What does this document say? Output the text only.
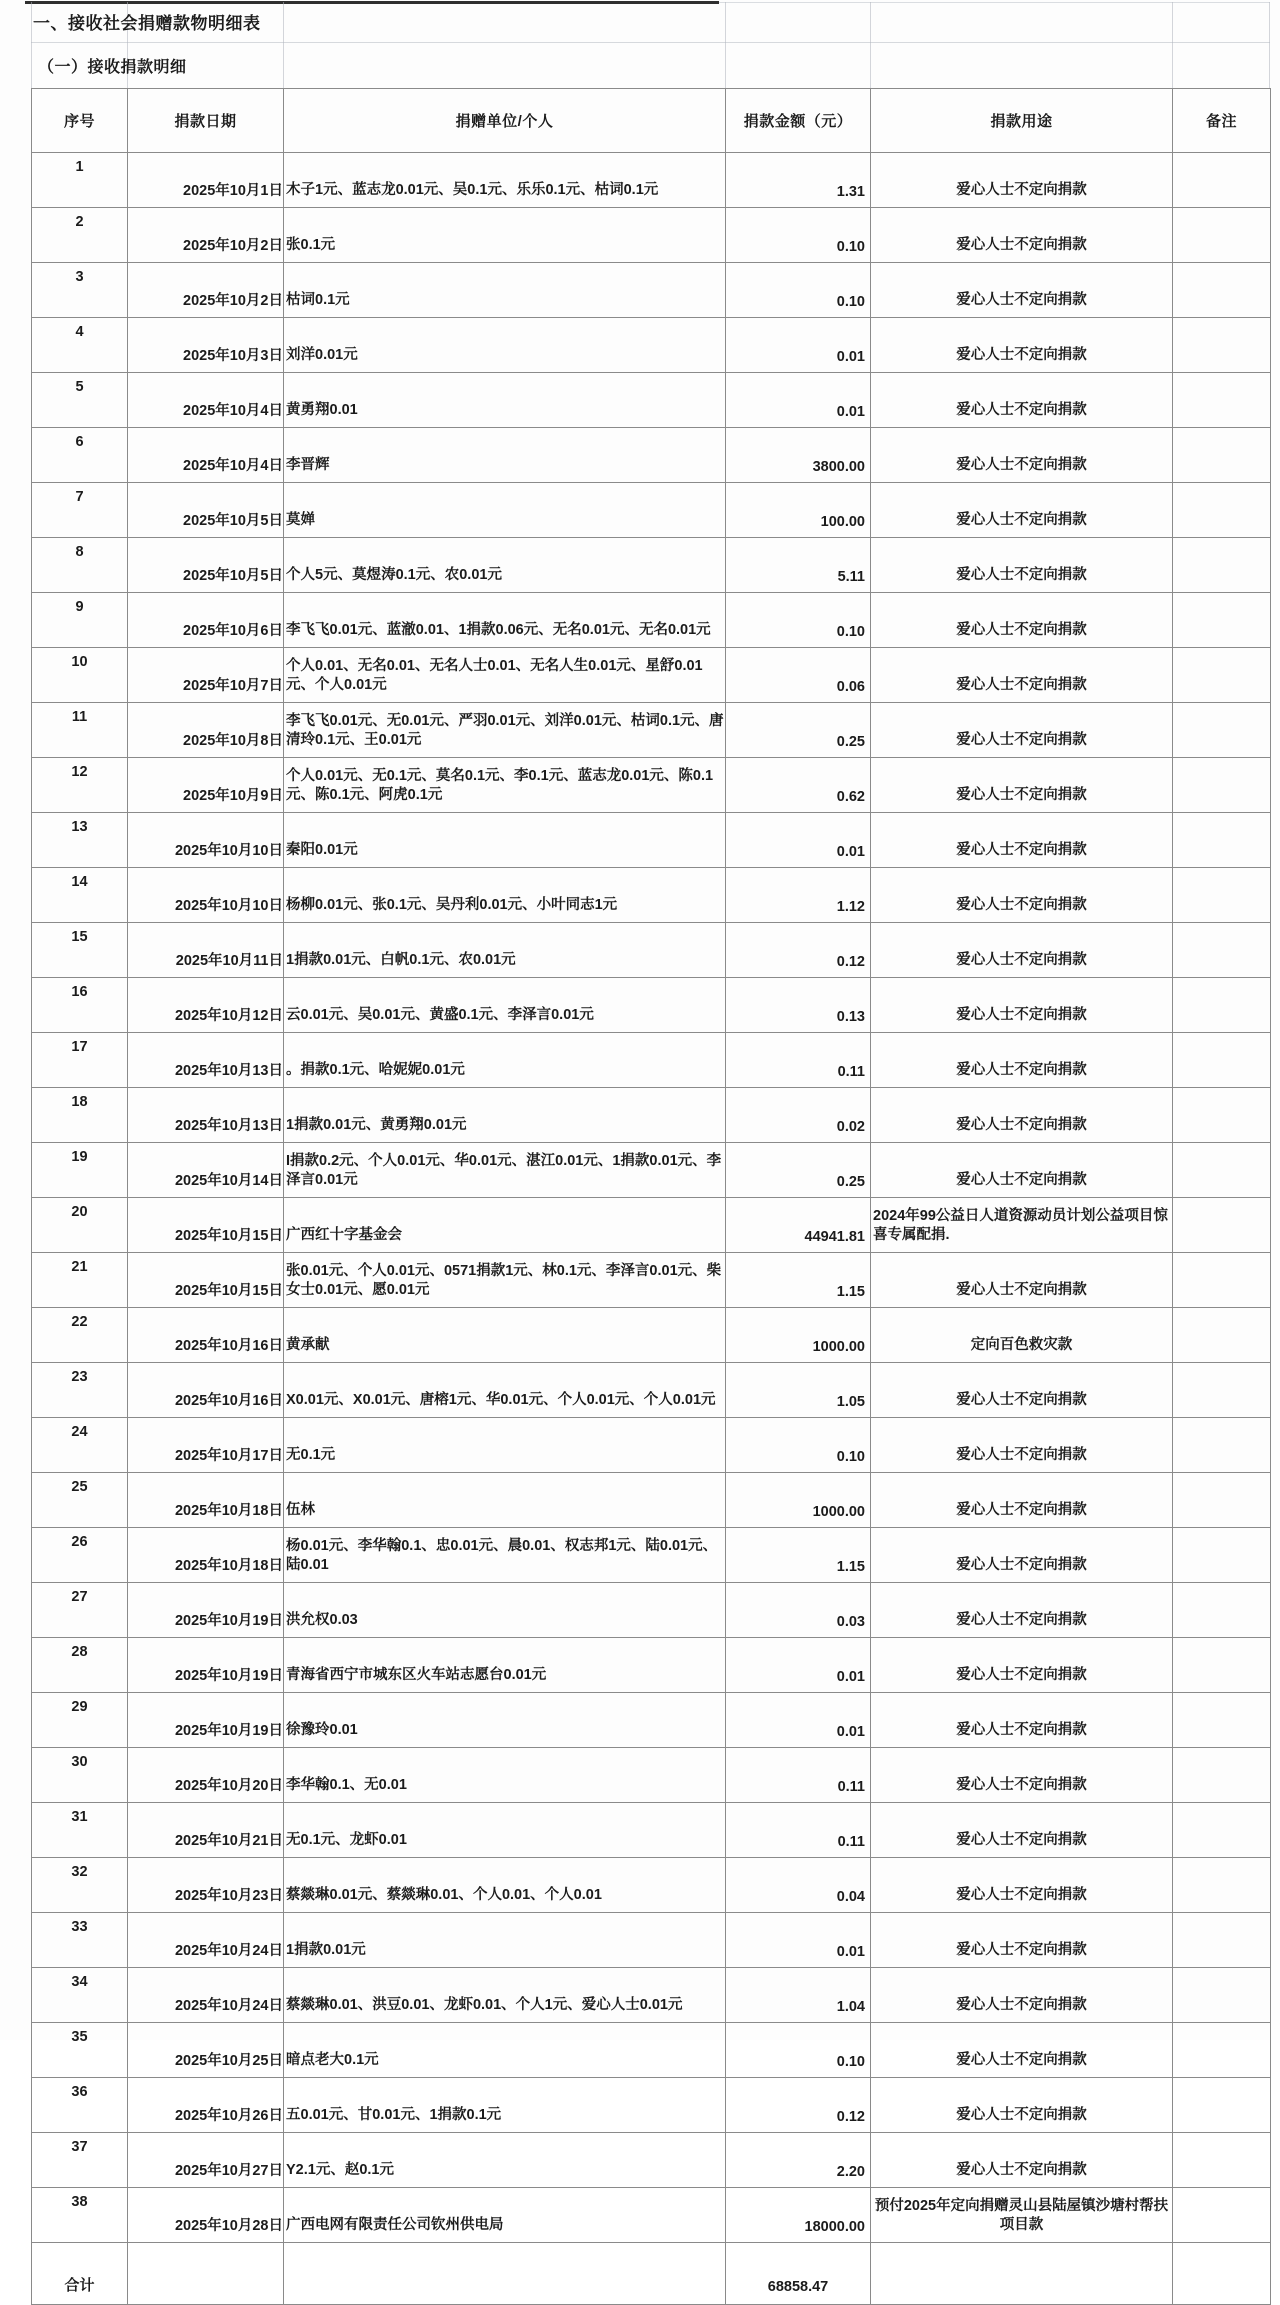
一、接收社会捐赠款物明细表
（一）接收捐款明细
序号	捐款日期	捐赠单位/个人	捐款金额（元）	捐款用途	备注
1	2025年10月1日	木子1元、蓝志龙0.01元、吴0.1元、乐乐0.1元、枯词0.1元	1.31	爱心人士不定向捐款	
2	2025年10月2日	张0.1元	0.10	爱心人士不定向捐款	
3	2025年10月2日	枯词0.1元	0.10	爱心人士不定向捐款	
4	2025年10月3日	刘洋0.01元	0.01	爱心人士不定向捐款	
5	2025年10月4日	黄勇翔0.01	0.01	爱心人士不定向捐款	
6	2025年10月4日	李晋辉	3800.00	爱心人士不定向捐款	
7	2025年10月5日	莫婵	100.00	爱心人士不定向捐款	
8	2025年10月5日	个人5元、莫煜涛0.1元、农0.01元	5.11	爱心人士不定向捐款	
9	2025年10月6日	李飞飞0.01元、蓝澈0.01、1捐款0.06元、无名0.01元、无名0.01元	0.10	爱心人士不定向捐款	
10	2025年10月7日	个人0.01、无名0.01、无名人士0.01、无名人生0.01元、星舒0.01元、个人0.01元	0.06	爱心人士不定向捐款	
11	2025年10月8日	李飞飞0.01元、无0.01元、严羽0.01元、刘洋0.01元、枯词0.1元、唐清玲0.1元、王0.01元	0.25	爱心人士不定向捐款	
12	2025年10月9日	个人0.01元、无0.1元、莫名0.1元、李0.1元、蓝志龙0.01元、陈0.1元、陈0.1元、阿虎0.1元	0.62	爱心人士不定向捐款	
13	2025年10月10日	秦阳0.01元	0.01	爱心人士不定向捐款	
14	2025年10月10日	杨柳0.01元、张0.1元、吴丹利0.01元、小叶同志1元	1.12	爱心人士不定向捐款	
15	2025年10月11日	1捐款0.01元、白帆0.1元、农0.01元	0.12	爱心人士不定向捐款	
16	2025年10月12日	云0.01元、吴0.01元、黄盛0.1元、李泽言0.01元	0.13	爱心人士不定向捐款	
17	2025年10月13日	。捐款0.1元、哈妮妮0.01元	0.11	爱心人士不定向捐款	
18	2025年10月13日	1捐款0.01元、黄勇翔0.01元	0.02	爱心人士不定向捐款	
19	2025年10月14日	I捐款0.2元、个人0.01元、华0.01元、湛江0.01元、1捐款0.01元、李泽言0.01元	0.25	爱心人士不定向捐款	
20	2025年10月15日	广西红十字基金会	44941.81	2024年99公益日人道资源动员计划公益项目惊喜专属配捐.	
21	2025年10月15日	张0.01元、个人0.01元、0571捐款1元、林0.1元、李泽言0.01元、柴女士0.01元、愿0.01元	1.15	爱心人士不定向捐款	
22	2025年10月16日	黄承献	1000.00	定向百色救灾款	
23	2025年10月16日	X0.01元、X0.01元、唐榕1元、华0.01元、个人0.01元、个人0.01元	1.05	爱心人士不定向捐款	
24	2025年10月17日	无0.1元	0.10	爱心人士不定向捐款	
25	2025年10月18日	伍林	1000.00	爱心人士不定向捐款	
26	2025年10月18日	杨0.01元、李华翰0.1、忠0.01元、晨0.01、权志邦1元、陆0.01元、陆0.01	1.15	爱心人士不定向捐款	
27	2025年10月19日	洪允权0.03	0.03	爱心人士不定向捐款	
28	2025年10月19日	青海省西宁市城东区火车站志愿台0.01元	0.01	爱心人士不定向捐款	
29	2025年10月19日	徐豫玲0.01	0.01	爱心人士不定向捐款	
30	2025年10月20日	李华翰0.1、无0.01	0.11	爱心人士不定向捐款	
31	2025年10月21日	无0.1元、龙虾0.01	0.11	爱心人士不定向捐款	
32	2025年10月23日	蔡燚琳0.01元、蔡燚琳0.01、个人0.01、个人0.01	0.04	爱心人士不定向捐款	
33	2025年10月24日	1捐款0.01元	0.01	爱心人士不定向捐款	
34	2025年10月24日	蔡燚琳0.01、洪豆0.01、龙虾0.01、个人1元、爱心人士0.01元	1.04	爱心人士不定向捐款	
35	2025年10月25日	暗点老大0.1元	0.10	爱心人士不定向捐款	
36	2025年10月26日	五0.01元、甘0.01元、1捐款0.1元	0.12	爱心人士不定向捐款	
37	2025年10月27日	Y2.1元、赵0.1元	2.20	爱心人士不定向捐款	
38	2025年10月28日	广西电网有限责任公司钦州供电局	18000.00	预付2025年定向捐赠灵山县陆屋镇沙塘村帮扶项目款	
合计			68858.47		
